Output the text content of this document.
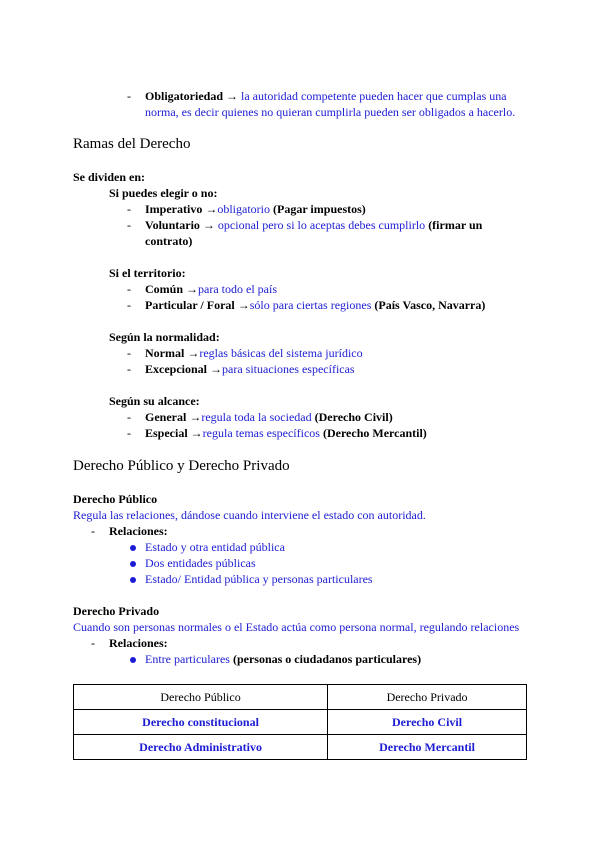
- Obligatoriedad → la autoridad competente pueden hacer que cumplas una
norma, es decir quienes no quieran cumplirla pueden ser obligados a hacerlo.
Ramas del Derecho
Se dividen en:
Si puedes elegir o no:
- Imperativo →obligatorio (Pagar impuestos)
- Voluntario → opcional pero si lo aceptas debes cumplirlo (firmar un
contrato)
Si el territorio:
- Común →para todo el país
- Particular / Foral →sólo para ciertas regiones (País Vasco, Navarra)
Según la normalidad:
- Normal →reglas básicas del sistema jurídico
- Excepcional →para situaciones específicas
Según su alcance:
- General →regula toda la sociedad (Derecho Civil)
- Especial →regula temas específicos (Derecho Mercantil)
Derecho Público y Derecho Privado
Derecho Público
Regula las relaciones, dándose cuando interviene el estado con autoridad.
- Relaciones:
Estado y otra entidad pública
Dos entidades públicas
Estado/ Entidad pública y personas particulares
Derecho Privado
Cuando son personas normales o el Estado actúa como persona normal, regulando relaciones
- Relaciones:
Entre particulares (personas o ciudadanos particulares)
Derecho Público	Derecho Privado
Derecho constitucional	Derecho Civil
Derecho Administrativo	Derecho Mercantil
